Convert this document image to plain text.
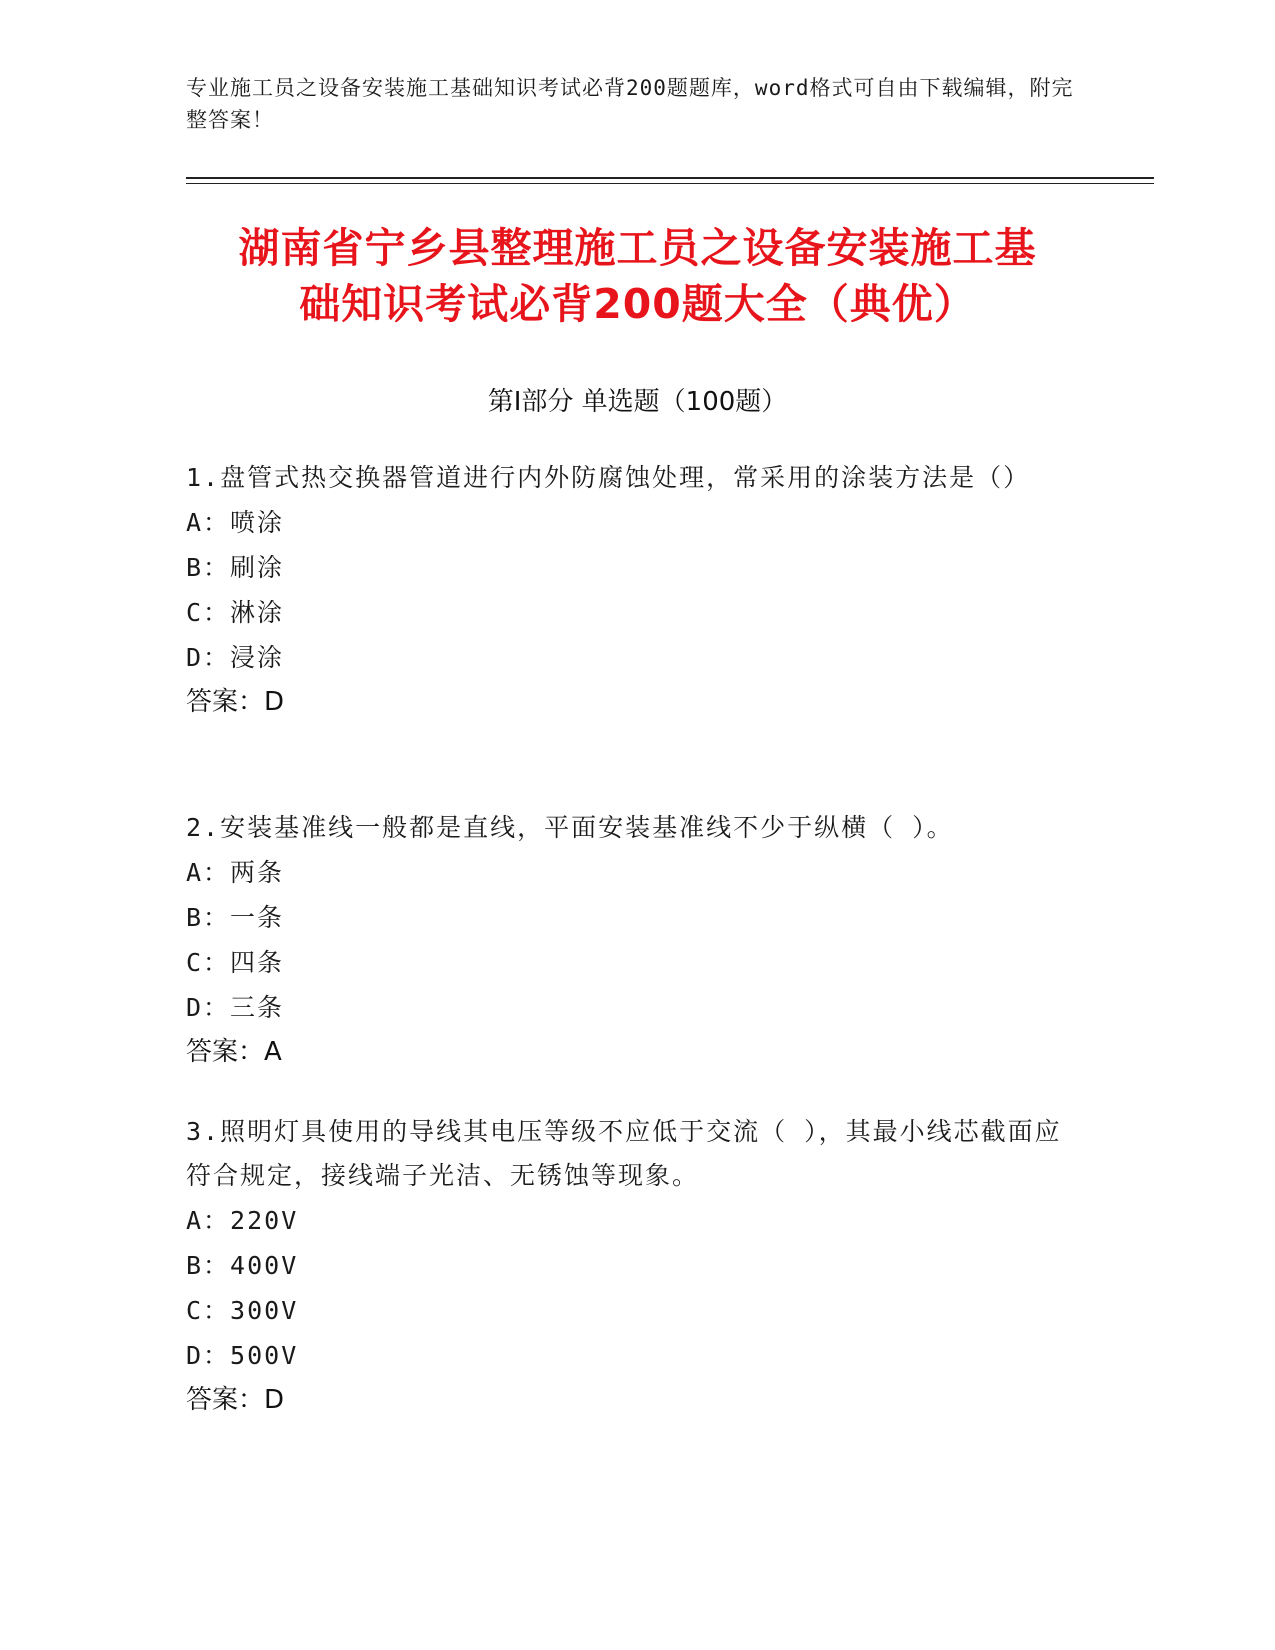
专业施工员之设备安装施工基础知识考试必背200题题库，word格式可自由下载编辑，附完整答案！
湖南省宁乡县整理施工员之设备安装施工基
础知识考试必背200题大全（典优）
第Ⅰ部分 单选题（100题）

1.盘管式热交换器管道进行内外防腐蚀处理，常采用的涂装方法是（）

A：喷涂

B：刷涂

C：淋涂

D：浸涂

答案：D

2.安装基准线一般都是直线，平面安装基准线不少于纵横（ ）。

A：两条

B：一条

C：四条

D：三条

答案：A

3.照明灯具使用的导线其电压等级不应低于交流（ ），其最小线芯截面应符合规定，接线端子光洁、无锈蚀等现象。

A：220V

B：400V

C：300V

D：500V

答案：D
